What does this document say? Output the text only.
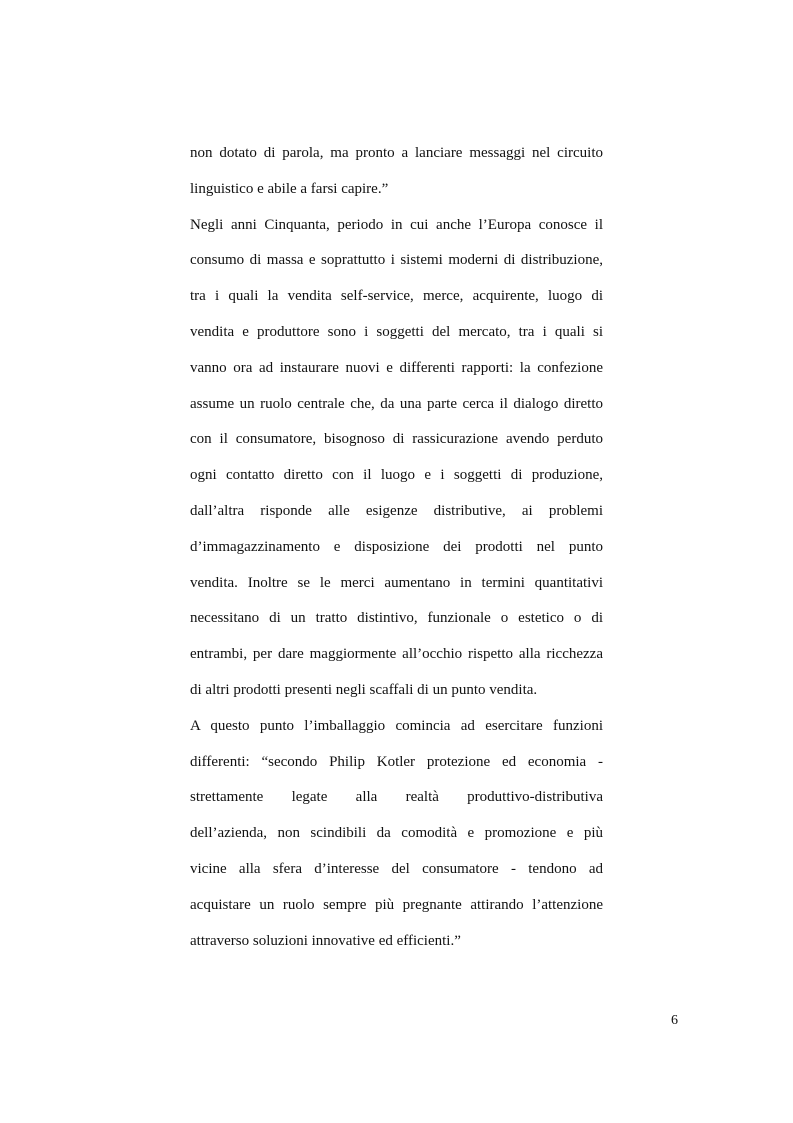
non dotato di parola, ma pronto a lanciare messaggi nel circuito
linguistico e abile a farsi capire.”
Negli anni Cinquanta, periodo in cui anche l’Europa conosce il
consumo di massa e soprattutto i sistemi moderni di distribuzione,
tra i quali la vendita self-service, merce, acquirente, luogo di
vendita e produttore sono i soggetti del mercato, tra i quali si
vanno ora ad instaurare nuovi e differenti rapporti: la confezione
assume un ruolo centrale che, da una parte cerca il dialogo diretto
con il consumatore, bisognoso di rassicurazione avendo perduto
ogni contatto diretto con il luogo e i soggetti di produzione,
dall’altra risponde alle esigenze distributive, ai problemi
d’immagazzinamento e disposizione dei prodotti nel punto
vendita. Inoltre se le merci aumentano in termini quantitativi
necessitano di un tratto distintivo, funzionale o estetico o di
entrambi, per dare maggiormente all’occhio rispetto alla ricchezza
di altri prodotti presenti negli scaffali di un punto vendita.
A questo punto l’imballaggio comincia ad esercitare funzioni
differenti: “secondo Philip Kotler protezione ed economia -
strettamente legate alla realtà produttivo-distributiva
dell’azienda, non scindibili da comodità e promozione e più
vicine alla sfera d’interesse del consumatore - tendono ad
acquistare un ruolo sempre più pregnante attirando l’attenzione
attraverso soluzioni innovative ed efficienti.”
6
